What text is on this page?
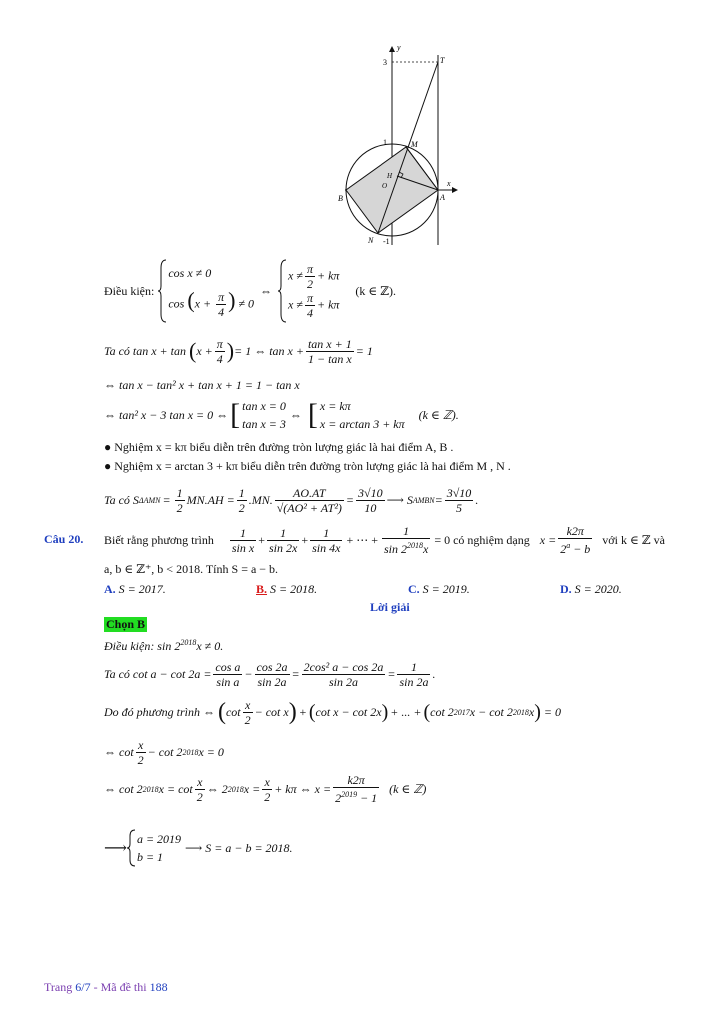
y
x
3
1
-1
T
M
H
O
A
B
N
Điều kiện:
cos x ≠ 0
$\cos (x + \frac{\pi}{4}$ ) ≠ 0
⇔
$x \ne \frac{\pi}{2} + k\pi$
$x \ne \frac{\pi}{4} + k\pi$
(k ∈ ℤ).
Ta có tan x + tan ( $x + \frac{\pi}{4}$ ) = 1 ⇔ $\tan x + \frac{\text{tan x + 1}}{\text{1 − tan x}} = 1$
⇔ tan x − tan² x + tan x + 1 = 1 − tan x
⇔ tan² x − 3 tan x = 0 ⇔ [ tan x = 0
tan x = 3
⇔ [ x = kπ
x = arctan 3 + kπ
(k ∈ ℤ).
● Nghiệm x = kπ biểu diễn trên đường tròn lượng giác là hai điểm A, B .
● Nghiệm x = arctan 3 + kπ biểu diễn trên đường tròn lượng giác là hai điểm M , N .
Ta có S $\Delta AMN = \frac{1}{2} MN.AH = \frac{1}{2} .MN$. $\frac{AO.AT}{\text{√(AO² + AT²)}} = \frac{3√10}{10}$ ⟶ S AMBN = $\frac{3√10}{5}$ .
Câu 20. Biết rằng phương trình $\frac{1}{\text{sin x}} + \frac{1}{\sin 2x} + \frac{1}{\sin 4x}$ + ⋯ + $\frac{1}{\sin 2^{2018}x} = 0$ có nghiệm dạng $x = \frac{k2\pi}{2^a - b}$ với k ∈ ℤ và
a, b ∈ ℤ⁺, b < 2018. Tính S = a − b.
A. S = 2017.	B. S = 2018.	C. S = 2019.	D. S = 2020.
Lời giải
Chọn B
Điều kiện: $\sin 2^{2018}x \ne 0$.
Ta có $\cot a - \cot 2a = \frac{\text{cos a}}{\text{sin a}} - \frac{\cos 2a}{\sin 2a} = \frac{\text{2cos² a − cos 2a}}{\sin 2a} = \frac{1}{\sin 2a}$ .
Do đó phương trình ⇔ ( $\cot \frac{x}{2} - \cot x$ ) + ( cot x − cot 2x ) + ... + ( cot 2 2017 x − cot 2 2018 x ) = 0
⇔ $\cot \frac{x}{2} - \cot 2$ 2018 x = 0
⇔ cot 2 2018 $x = \cot \frac{x}{2}$ ⇔ 2 2018 $x = \frac{x}{2} + k\pi$ ⇔ $x = \frac{k2\pi}{2^{2019} - 1} (k$ ∈ ℤ)
⟶
a = 2019
b = 1
⟶ S = a − b = 2018.
Trang 6/7 - Mã đề thi 188
